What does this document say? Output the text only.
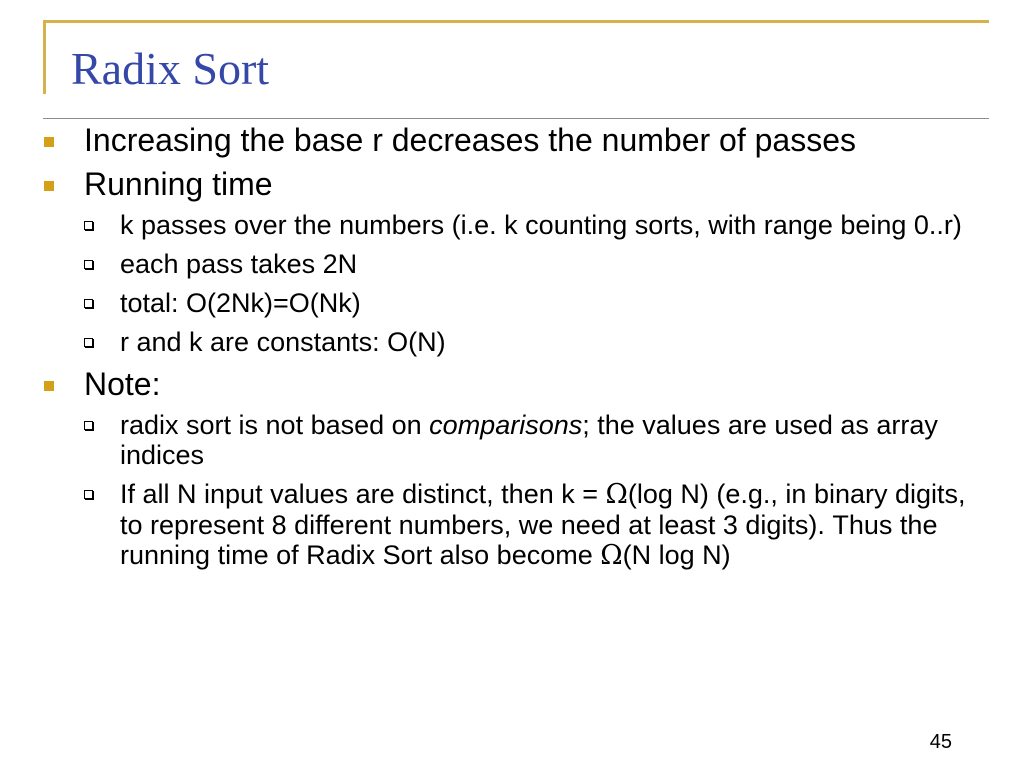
Radix Sort
Increasing the base r decreases the number of passes
Running time
k passes over the numbers (i.e. k counting sorts, with range being 0..r)
each pass takes 2N
total: O(2Nk)=O(Nk)
r and k are constants: O(N)
Note:
radix sort is not based on comparisons; the values are used as array indices
If all N input values are distinct, then k = Ω(log N) (e.g., in binary digits, to represent 8 different numbers, we need at least 3 digits). Thus the running time of Radix Sort also become Ω(N log N)
45
